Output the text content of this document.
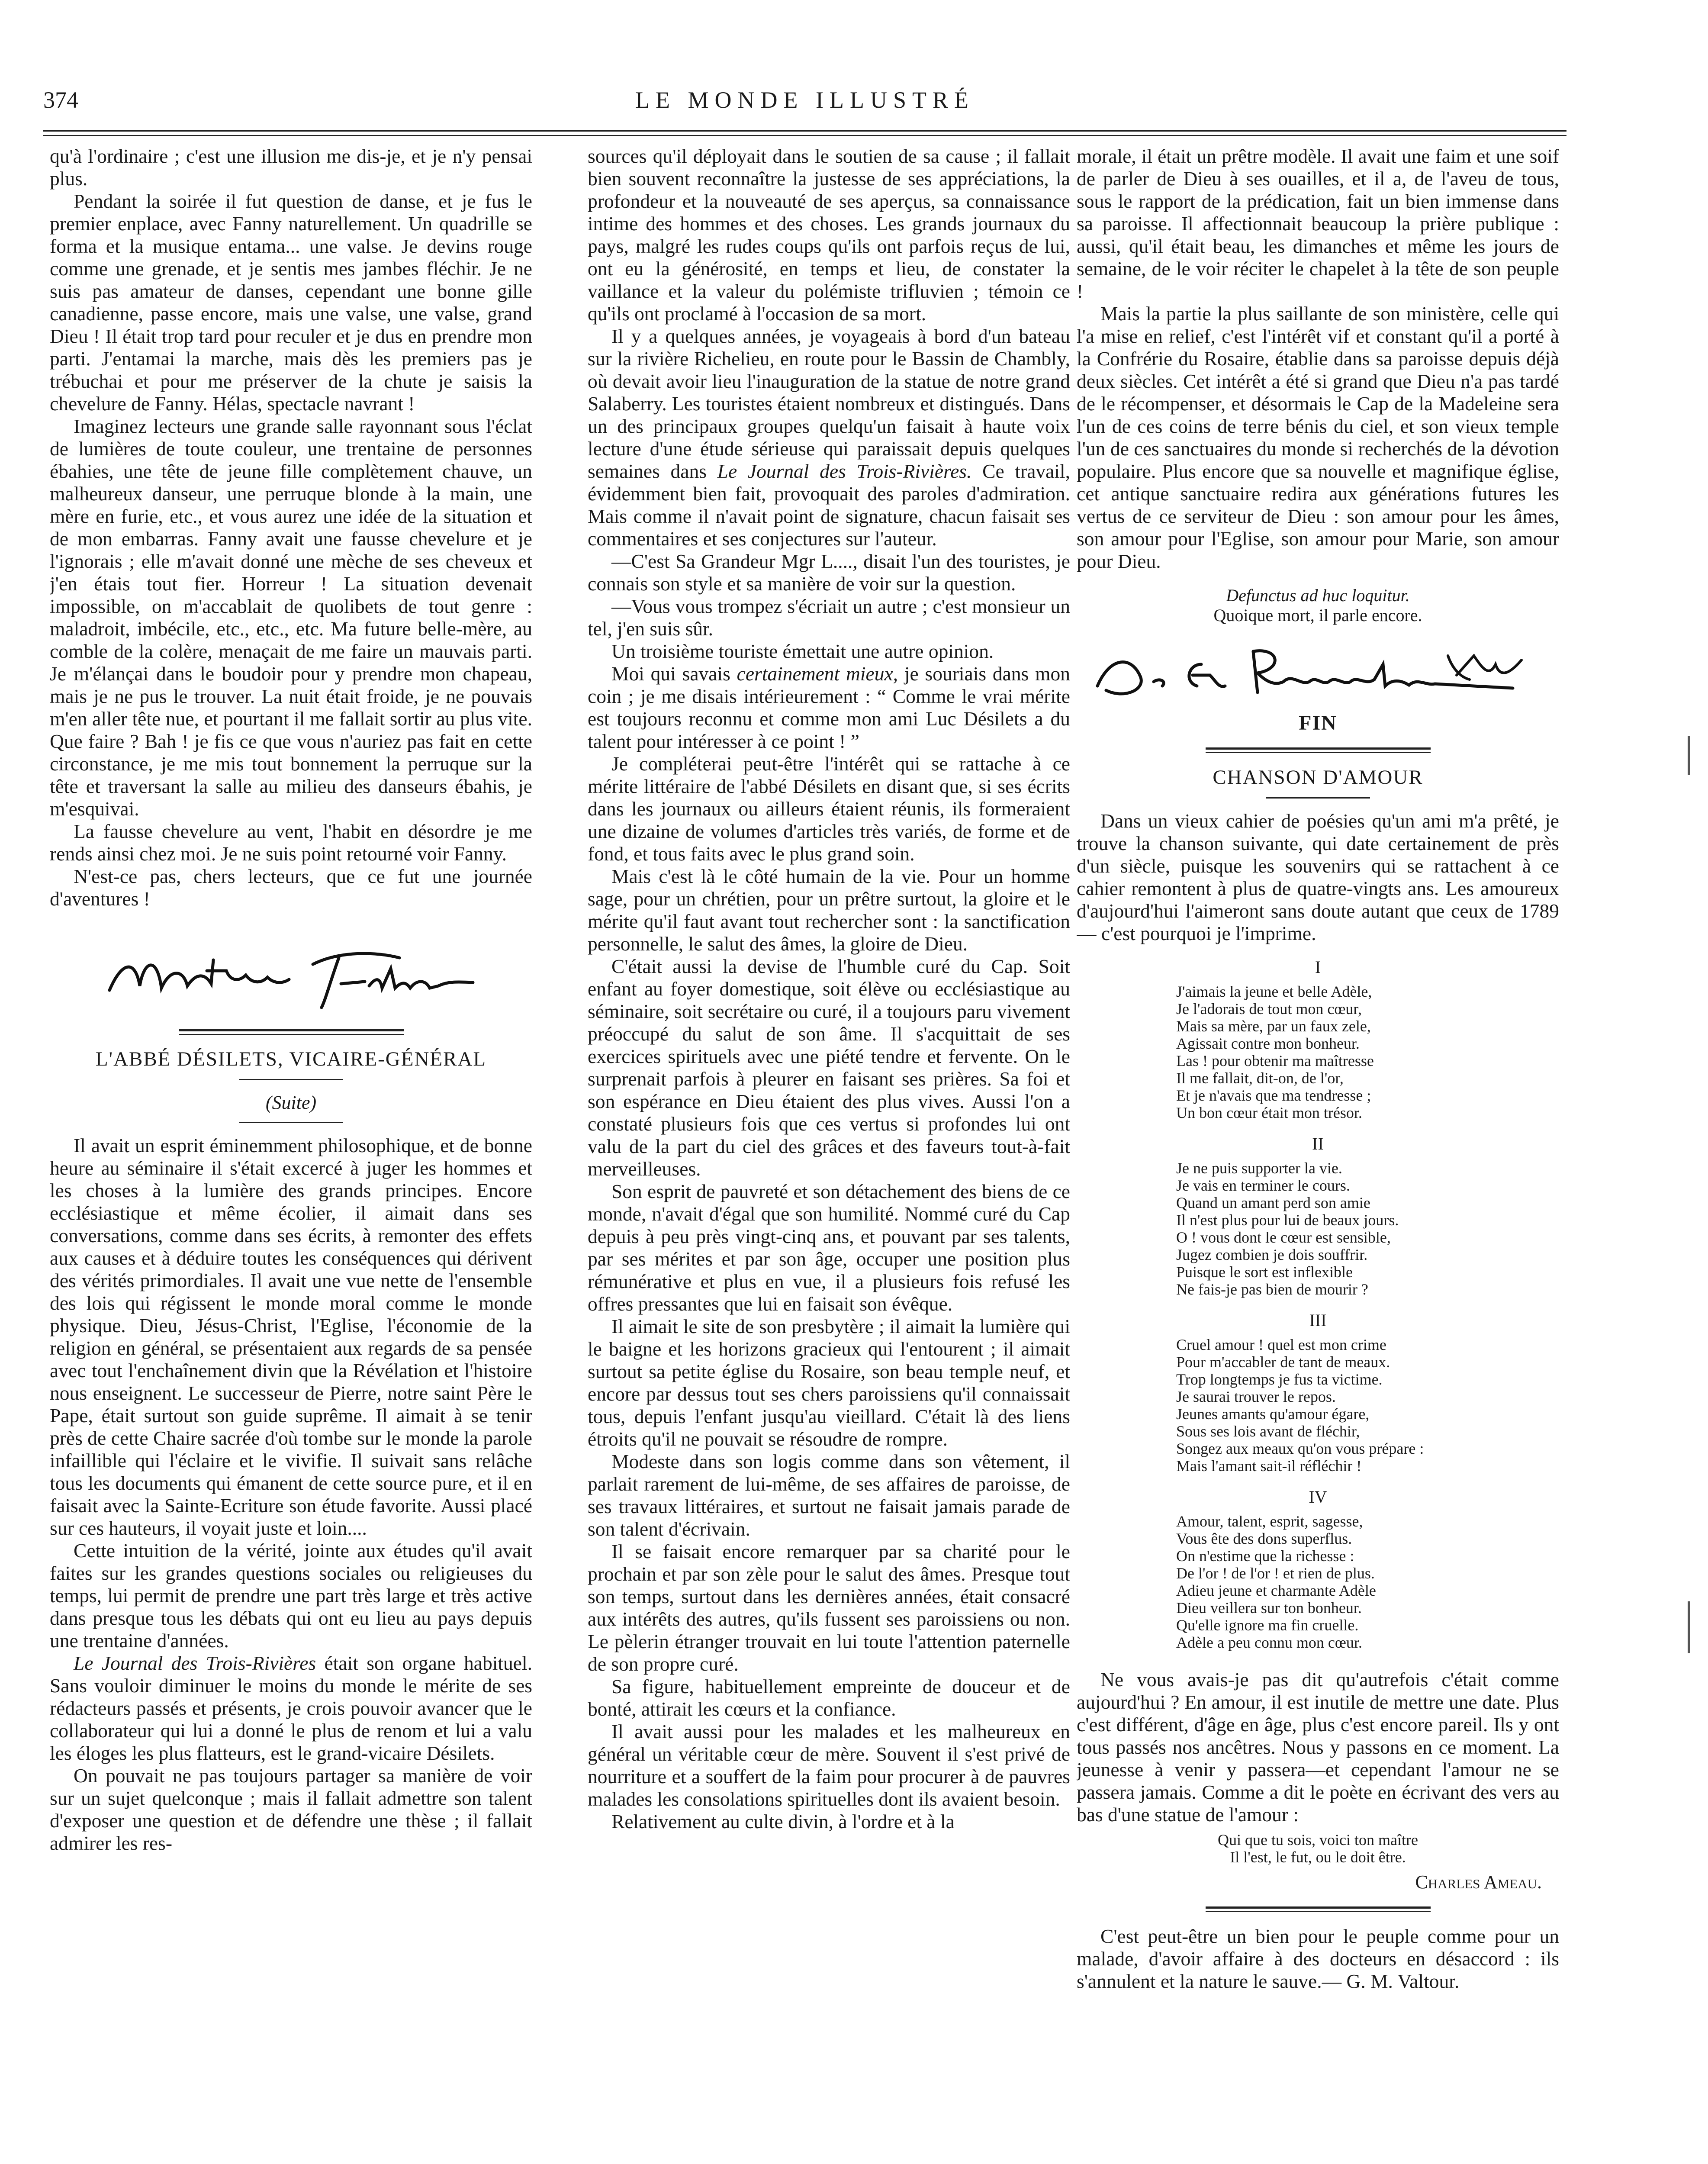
374	LE MONDE ILLUSTRÉ

qu'à l'ordinaire ; c'est une illusion me dis-je, et je n'y pensai plus.

Pendant la soirée il fut question de danse, et je fus le premier enplace, avec Fanny naturellement. Un quadrille se forma et la musique entama... une valse. Je devins rouge comme une grenade, et je sentis mes jambes fléchir. Je ne suis pas amateur de danses, cependant une bonne gille canadienne, passe encore, mais une valse, une valse, grand Dieu ! Il était trop tard pour reculer et je dus en prendre mon parti. J'entamai la marche, mais dès les premiers pas je trébuchai et pour me préserver de la chute je saisis la chevelure de Fanny. Hélas, spectacle navrant !

Imaginez lecteurs une grande salle rayonnant sous l'éclat de lumières de toute couleur, une trentaine de personnes ébahies, une tête de jeune fille complètement chauve, un malheureux danseur, une perruque blonde à la main, une mère en furie, etc., et vous aurez une idée de la situation et de mon embarras. Fanny avait une fausse chevelure et je l'ignorais ; elle m'avait donné une mèche de ses cheveux et j'en étais tout fier. Horreur ! La situation devenait impossible, on m'accablait de quolibets de tout genre : maladroit, imbécile, etc., etc., etc. Ma future belle-mère, au comble de la colère, menaçait de me faire un mauvais parti. Je m'élançai dans le boudoir pour y prendre mon chapeau, mais je ne pus le trouver. La nuit était froide, je ne pouvais m'en aller tête nue, et pourtant il me fallait sortir au plus vite. Que faire ? Bah ! je fis ce que vous n'auriez pas fait en cette circonstance, je me mis tout bonnement la perruque sur la tête et traversant la salle au milieu des danseurs ébahis, je m'esquivai.

La fausse chevelure au vent, l'habit en désordre je me rends ainsi chez moi. Je ne suis point retourné voir Fanny.

N'est-ce pas, chers lecteurs, que ce fut une journée d'aventures !

L'ABBÉ DÉSILETS, VICAIRE-GÉNÉRAL
(Suite)

Il avait un esprit éminemment philosophique, et de bonne heure au séminaire il s'était excercé à juger les hommes et les choses à la lumière des grands principes. Encore ecclésiastique et même écolier, il aimait dans ses conversations, comme dans ses écrits, à remonter des effets aux causes et à déduire toutes les conséquences qui dérivent des vérités primordiales. Il avait une vue nette de l'ensemble des lois qui régissent le monde moral comme le monde physique. Dieu, Jésus-Christ, l'Eglise, l'économie de la religion en général, se présentaient aux regards de sa pensée avec tout l'enchaînement divin que la Révélation et l'histoire nous enseignent. Le successeur de Pierre, notre saint Père le Pape, était surtout son guide suprême. Il aimait à se tenir près de cette Chaire sacrée d'où tombe sur le monde la parole infaillible qui l'éclaire et le vivifie. Il suivait sans relâche tous les documents qui émanent de cette source pure, et il en faisait avec la Sainte-Ecriture son étude favorite. Aussi placé sur ces hauteurs, il voyait juste et loin....

Cette intuition de la vérité, jointe aux études qu'il avait faites sur les grandes questions sociales ou religieuses du temps, lui permit de prendre une part très large et très active dans presque tous les débats qui ont eu lieu au pays depuis une trentaine d'années.

Le Journal des Trois-Rivières était son organe habituel. Sans vouloir diminuer le moins du monde le mérite de ses rédacteurs passés et présents, je crois pouvoir avancer que le collaborateur qui lui a donné le plus de renom et lui a valu les éloges les plus flatteurs, est le grand-vicaire Désilets.

On pouvait ne pas toujours partager sa manière de voir sur un sujet quelconque ; mais il fallait admettre son talent d'exposer une question et de défendre une thèse ; il fallait admirer les res-

sources qu'il déployait dans le soutien de sa cause ; il fallait bien souvent reconnaître la justesse de ses appréciations, la profondeur et la nouveauté de ses aperçus, sa connaissance intime des hommes et des choses. Les grands journaux du pays, malgré les rudes coups qu'ils ont parfois reçus de lui, ont eu la générosité, en temps et lieu, de constater la vaillance et la valeur du polémiste trifluvien ; témoin ce qu'ils ont proclamé à l'occasion de sa mort.

Il y a quelques années, je voyageais à bord d'un bateau sur la rivière Richelieu, en route pour le Bassin de Chambly, où devait avoir lieu l'inauguration de la statue de notre grand Salaberry. Les touristes étaient nombreux et distingués. Dans un des principaux groupes quelqu'un faisait à haute voix lecture d'une étude sérieuse qui paraissait depuis quelques semaines dans Le Journal des Trois-Rivières. Ce travail, évidemment bien fait, provoquait des paroles d'admiration. Mais comme il n'avait point de signature, chacun faisait ses commentaires et ses conjectures sur l'auteur.

—C'est Sa Grandeur Mgr L...., disait l'un des touristes, je connais son style et sa manière de voir sur la question.

—Vous vous trompez s'écriait un autre ; c'est monsieur un tel, j'en suis sûr.

Un troisième touriste émettait une autre opinion.

Moi qui savais certainement mieux, je souriais dans mon coin ; je me disais intérieurement : “ Comme le vrai mérite est toujours reconnu et comme mon ami Luc Désilets a du talent pour intéresser à ce point ! ”

Je compléterai peut-être l'intérêt qui se rattache à ce mérite littéraire de l'abbé Désilets en disant que, si ses écrits dans les journaux ou ailleurs étaient réunis, ils formeraient une dizaine de volumes d'articles très variés, de forme et de fond, et tous faits avec le plus grand soin.

Mais c'est là le côté humain de la vie. Pour un homme sage, pour un chrétien, pour un prêtre surtout, la gloire et le mérite qu'il faut avant tout rechercher sont : la sanctification personnelle, le salut des âmes, la gloire de Dieu.

C'était aussi la devise de l'humble curé du Cap. Soit enfant au foyer domestique, soit élève ou ecclésiastique au séminaire, soit secrétaire ou curé, il a toujours paru vivement préoccupé du salut de son âme. Il s'acquittait de ses exercices spirituels avec une piété tendre et fervente. On le surprenait parfois à pleurer en faisant ses prières. Sa foi et son espérance en Dieu étaient des plus vives. Aussi l'on a constaté plusieurs fois que ces vertus si profondes lui ont valu de la part du ciel des grâces et des faveurs tout-à-fait merveilleuses.

Son esprit de pauvreté et son détachement des biens de ce monde, n'avait d'égal que son humilité. Nommé curé du Cap depuis à peu près vingt-cinq ans, et pouvant par ses talents, par ses mérites et par son âge, occuper une position plus rémunérative et plus en vue, il a plusieurs fois refusé les offres pressantes que lui en faisait son évêque.

Il aimait le site de son presbytère ; il aimait la lumière qui le baigne et les horizons gracieux qui l'entourent ; il aimait surtout sa petite église du Rosaire, son beau temple neuf, et encore par dessus tout ses chers paroissiens qu'il connaissait tous, depuis l'enfant jusqu'au vieillard. C'était là des liens étroits qu'il ne pouvait se résoudre de rompre.

Modeste dans son logis comme dans son vêtement, il parlait rarement de lui-même, de ses affaires de paroisse, de ses travaux littéraires, et surtout ne faisait jamais parade de son talent d'écrivain.

Il se faisait encore remarquer par sa charité pour le prochain et par son zèle pour le salut des âmes. Presque tout son temps, surtout dans les dernières années, était consacré aux intérêts des autres, qu'ils fussent ses paroissiens ou non. Le pèlerin étranger trouvait en lui toute l'attention paternelle de son propre curé.

Sa figure, habituellement empreinte de douceur et de bonté, attirait les cœurs et la confiance.

Il avait aussi pour les malades et les malheureux en général un véritable cœur de mère. Souvent il s'est privé de nourriture et a souffert de la faim pour procurer à de pauvres malades les consolations spirituelles dont ils avaient besoin.

Relativement au culte divin, à l'ordre et à la

morale, il était un prêtre modèle. Il avait une faim et une soif de parler de Dieu à ses ouailles, et il a, de l'aveu de tous, sous le rapport de la prédication, fait un bien immense dans sa paroisse. Il affectionnait beaucoup la prière publique : aussi, qu'il était beau, les dimanches et même les jours de semaine, de le voir réciter le chapelet à la tête de son peuple !

Mais la partie la plus saillante de son ministère, celle qui l'a mise en relief, c'est l'intérêt vif et constant qu'il a porté à la Confrérie du Rosaire, établie dans sa paroisse depuis déjà deux siècles. Cet intérêt a été si grand que Dieu n'a pas tardé de le récompenser, et désormais le Cap de la Madeleine sera l'un de ces coins de terre bénis du ciel, et son vieux temple l'un de ces sanctuaires du monde si recherchés de la dévotion populaire. Plus encore que sa nouvelle et magnifique église, cet antique sanctuaire redira aux générations futures les vertus de ce serviteur de Dieu : son amour pour les âmes, son amour pour l'Eglise, son amour pour Marie, son amour pour Dieu.

Defunctus ad huc loquitur.
Quoique mort, il parle encore.
FIN
CHANSON D'AMOUR

Dans un vieux cahier de poésies qu'un ami m'a prêté, je trouve la chanson suivante, qui date certainement de près d'un siècle, puisque les souvenirs qui se rattachent à ce cahier remontent à plus de quatre-vingts ans. Les amoureux d'aujourd'hui l'aimeront sans doute autant que ceux de 1789— c'est pourquoi je l'imprime.

I
J'aimais la jeune et belle Adèle,
Je l'adorais de tout mon cœur,
Mais sa mère, par un faux zele,
Agissait contre mon bonheur.
Las ! pour obtenir ma maîtresse
Il me fallait, dit-on, de l'or,
Et je n'avais que ma tendresse ;
Un bon cœur était mon trésor.
II
Je ne puis supporter la vie.
Je vais en terminer le cours.
Quand un amant perd son amie
Il n'est plus pour lui de beaux jours.
O ! vous dont le cœur est sensible,
Jugez combien je dois souffrir.
Puisque le sort est inflexible
Ne fais-je pas bien de mourir ?
III
Cruel amour ! quel est mon crime
Pour m'accabler de tant de meaux.
Trop longtemps je fus ta victime.
Je saurai trouver le repos.
Jeunes amants qu'amour égare,
Sous ses lois avant de fléchir,
Songez aux meaux qu'on vous prépare :
Mais l'amant sait-il réfléchir !
IV
Amour, talent, esprit, sagesse,
Vous ête des dons superflus.
On n'estime que la richesse :
De l'or ! de l'or ! et rien de plus.
Adieu jeune et charmante Adèle
Dieu veillera sur ton bonheur.
Qu'elle ignore ma fin cruelle.
Adèle a peu connu mon cœur.

Ne vous avais-je pas dit qu'autrefois c'était comme aujourd'hui ? En amour, il est inutile de mettre une date. Plus c'est différent, d'âge en âge, plus c'est encore pareil. Ils y ont tous passés nos ancêtres. Nous y passons en ce moment. La jeunesse à venir y passera—et cependant l'amour ne se passera jamais. Comme a dit le poète en écrivant des vers au bas d'une statue de l'amour :

Qui que tu sois, voici ton maître
Il l'est, le fut, ou le doit être.
Charles Ameau.

C'est peut-être un bien pour le peuple comme pour un malade, d'avoir affaire à des docteurs en désaccord : ils s'annulent et la nature le sauve.— G. M. Valtour.
